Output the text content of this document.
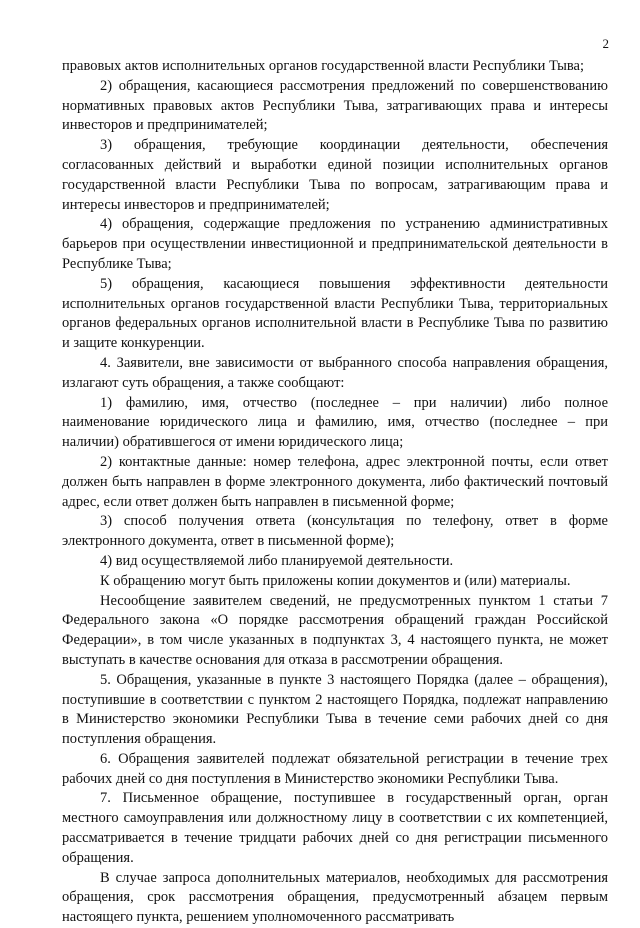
2

правовых актов исполнительных органов государственной власти Республики Тыва;

2) обращения, касающиеся рассмотрения предложений по совершенствованию нормативных правовых актов Республики Тыва, затрагивающих права и интересы инвесторов и предпринимателей;

3) обращения, требующие координации деятельности, обеспечения согласованных действий и выработки единой позиции исполнительных органов государственной власти Республики Тыва по вопросам, затрагивающим права и интересы инвесторов и предпринимателей;

4) обращения, содержащие предложения по устранению административных барьеров при осуществлении инвестиционной и предпринимательской деятельности в Республике Тыва;

5) обращения, касающиеся повышения эффективности деятельности исполнительных органов государственной власти Республики Тыва, территориальных органов федеральных органов исполнительной власти в Республике Тыва по развитию и защите конкуренции.

4. Заявители, вне зависимости от выбранного способа направления обращения, излагают суть обращения, а также сообщают:

1) фамилию, имя, отчество (последнее – при наличии) либо полное наименование юридического лица и фамилию, имя, отчество (последнее – при наличии) обратившегося от имени юридического лица;

2) контактные данные: номер телефона, адрес электронной почты, если ответ должен быть направлен в форме электронного документа, либо фактический почтовый адрес, если ответ должен быть направлен в письменной форме;

3) способ получения ответа (консультация по телефону, ответ в форме электронного документа, ответ в письменной форме);

4) вид осуществляемой либо планируемой деятельности.

К обращению могут быть приложены копии документов и (или) материалы.

Несообщение заявителем сведений, не предусмотренных пунктом 1 статьи 7 Федерального закона «О порядке рассмотрения обращений граждан Российской Федерации», в том числе указанных в подпунктах 3, 4 настоящего пункта, не может выступать в качестве основания для отказа в рассмотрении обращения.

5. Обращения, указанные в пункте 3 настоящего Порядка (далее – обращения), поступившие в соответствии с пунктом 2 настоящего Порядка, подлежат направлению в Министерство экономики Республики Тыва в течение семи рабочих дней со дня поступления обращения.

6. Обращения заявителей подлежат обязательной регистрации в течение трех рабочих дней со дня поступления в Министерство экономики Республики Тыва.

7. Письменное обращение, поступившее в государственный орган, орган местного самоуправления или должностному лицу в соответствии с их компетенцией, рассматривается в течение тридцати рабочих дней со дня регистрации письменного обращения.

В случае запроса дополнительных материалов, необходимых для рассмотрения обращения, срок рассмотрения обращения, предусмотренный абзацем первым настоящего пункта, решением уполномоченного рассматривать
